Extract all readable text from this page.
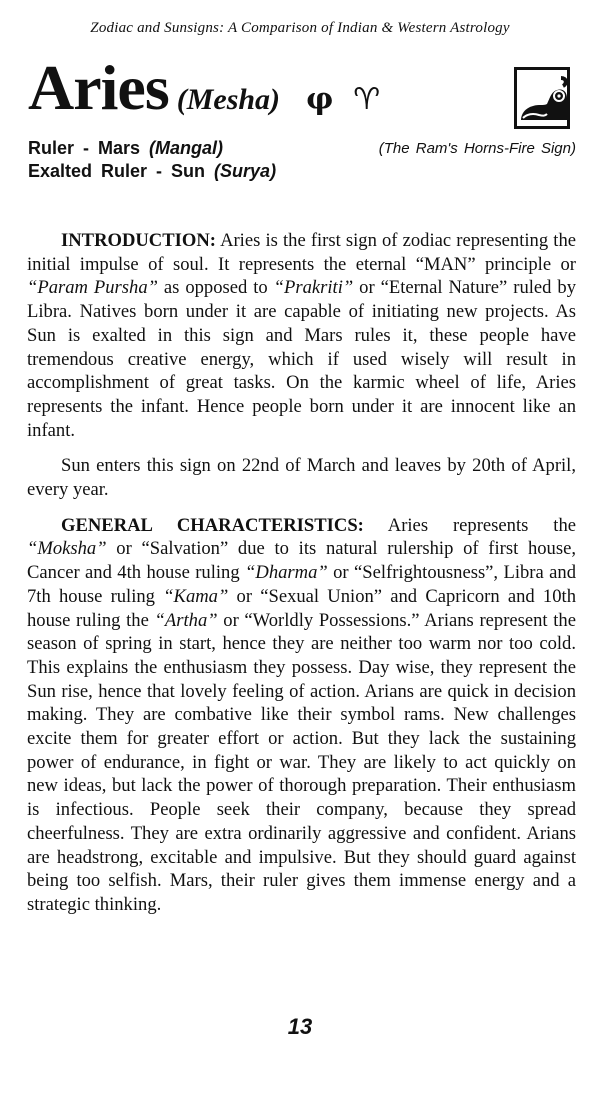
Zodiac and Sunsigns: A Comparison of Indian & Western Astrology
Aries (Mesha) φ ♈︎
Ruler - Mars (Mangal)
Exalted Ruler - Sun (Surya)
(The Ram's Horns-Fire Sign)

INTRODUCTION: Aries is the first sign of zodiac representing the initial impulse of soul. It represents the eternal “MAN” principle or “Param Pursha” as opposed to “Prakriti” or “Eternal Nature” ruled by Libra. Natives born under it are capable of initiating new projects. As Sun is exalted in this sign and Mars rules it, these people have tremendous creative energy, which if used wisely will result in accomplishment of great tasks. On the karmic wheel of life, Aries represents the infant. Hence people born under it are innocent like an infant.

Sun enters this sign on 22nd of March and leaves by 20th of April, every year.

GENERAL CHARACTERISTICS: Aries represents the “Moksha” or “Salvation” due to its natural rulership of first house, Cancer and 4th house ruling “Dharma” or “Selfrightousness”, Libra and 7th house ruling “Kama” or “Sexual Union” and Capricorn and 10th house ruling the “Artha” or “Worldly Possessions.” Arians represent the season of spring in start, hence they are neither too warm nor too cold. This explains the enthusiasm they possess. Day wise, they represent the Sun rise, hence that lovely feeling of action. Arians are quick in decision making. They are combative like their symbol rams. New challenges excite them for greater effort or action. But they lack the sustaining power of endurance, in fight or war. They are likely to act quickly on new ideas, but lack the power of thorough preparation. Their enthusiasm is infectious. People seek their company, because they spread cheerfulness. They are extra ordinarily aggressive and confident. Arians are headstrong, excitable and impulsive. But they should guard against being too selfish. Mars, their ruler gives them immense energy and a strategic thinking.

13
